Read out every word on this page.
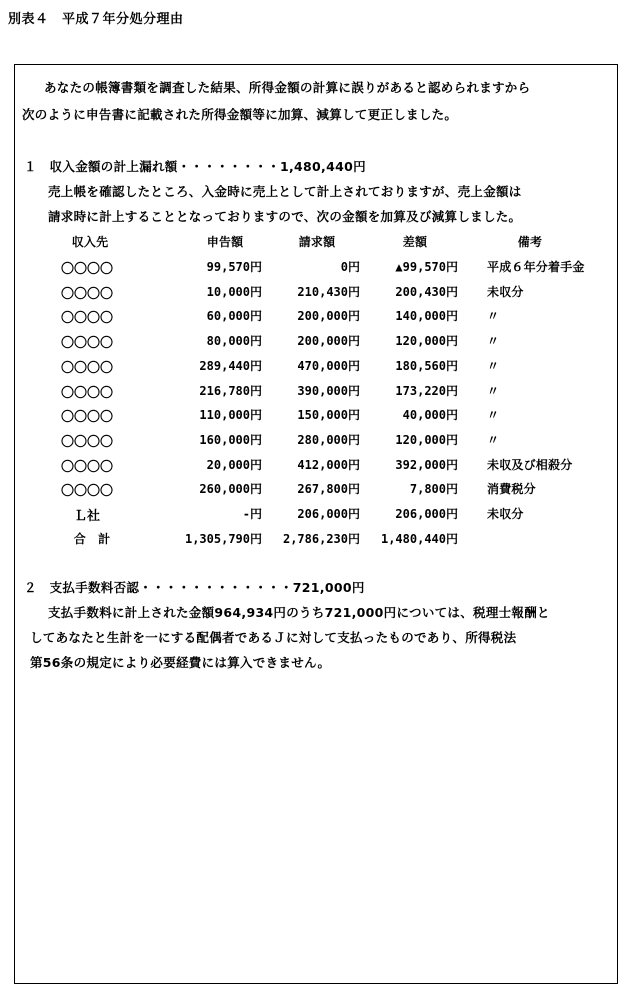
別表４　平成７年分処分理由
あなたの帳簿書類を調査した結果、所得金額の計算に誤りがあると認められますから
次のように申告書に記載された所得金額等に加算、減算して更正しました。
１　収入金額の計上漏れ額・・・・・・・・1,480,440円
売上帳を確認したところ、入金時に売上として計上されておりますが、売上金額は
請求時に計上することとなっておりますので、次の金額を加算及び減算しました。
収入先	申告額	請求額	差額	備考
〇〇〇〇	99,570円	0円	▲99,570円 平成６年分着手金
〇〇〇〇	10,000円	210,430円	200,430円 未収分
〇〇〇〇	60,000円	200,000円	140,000円 〃
〇〇〇〇	80,000円	200,000円	120,000円 〃
〇〇〇〇	289,440円	470,000円	180,560円 〃
〇〇〇〇	216,780円	390,000円	173,220円 〃
〇〇〇〇	110,000円	150,000円	40,000円 〃
〇〇〇〇	160,000円	280,000円	120,000円 〃
〇〇〇〇	20,000円	412,000円	392,000円 未収及び相殺分
〇〇〇〇	260,000円	267,800円	7,800円 消費税分
Ｌ社	-円	206,000円	206,000円 未収分
合　計	1,305,790円	2,786,230円	1,480,440円
２　支払手数料否認・・・・・・・・・・・・721,000円
支払手数料に計上された金額964,934円のうち721,000円については、税理士報酬と
してあなたと生計を一にする配偶者であるＪに対して支払ったものであり、所得税法
第56条の規定により必要経費には算入できません。
